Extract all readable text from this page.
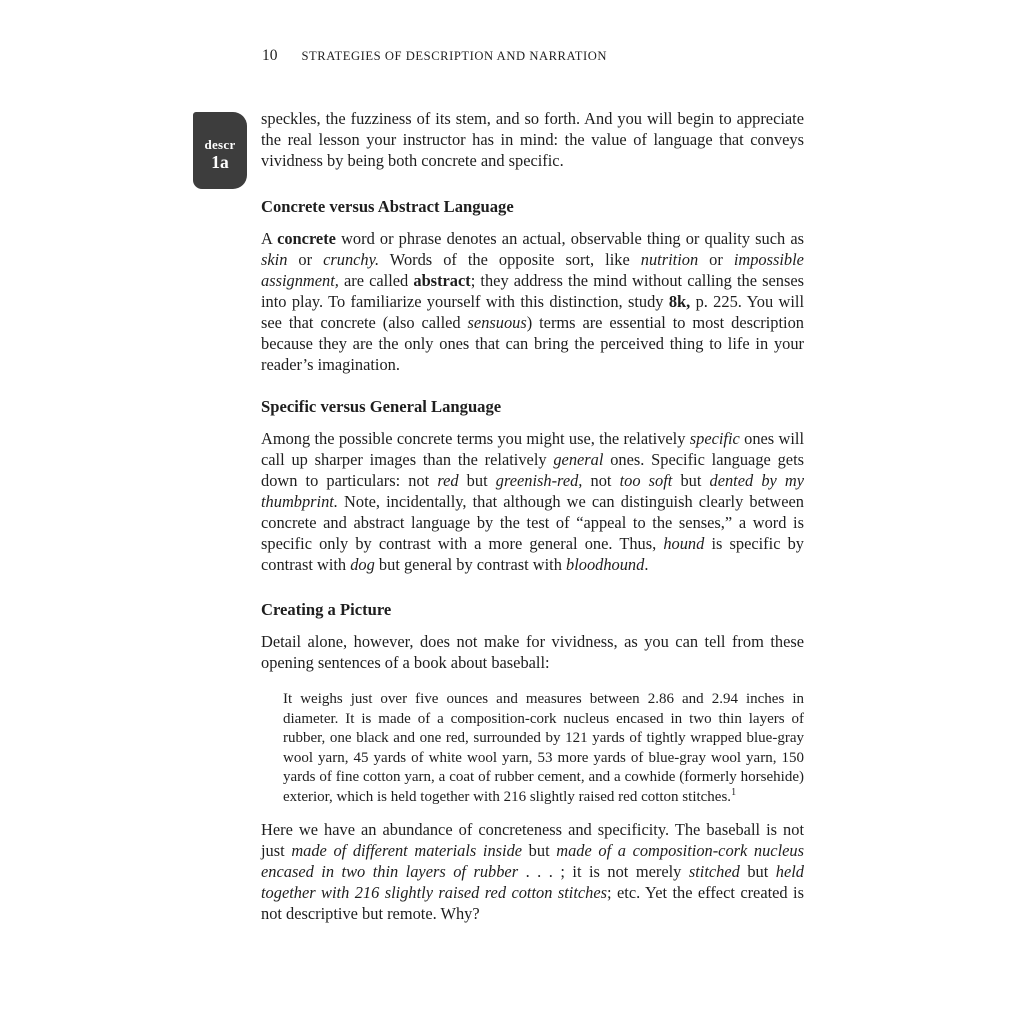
10 STRATEGIES OF DESCRIPTION AND NARRATION
descr
1a

speckles, the fuzziness of its stem, and so forth. And you will begin to appreciate the real lesson your instructor has in mind: the value of language that conveys vividness by being both concrete and specific.

Concrete versus Abstract Language

A concrete word or phrase denotes an actual, observable thing or quality such as skin or crunchy. Words of the opposite sort, like nutrition or impossible assignment, are called abstract; they address the mind without calling the senses into play. To familiarize yourself with this distinction, study 8k, p. 225. You will see that concrete (also called sensuous) terms are essential to most description because they are the only ones that can bring the perceived thing to life in your reader’s imagination.

Specific versus General Language

Among the possible concrete terms you might use, the relatively specific ones will call up sharper images than the relatively general ones. Specific language gets down to particulars: not red but greenish-red, not too soft but dented by my thumbprint. Note, incidentally, that although we can distinguish clearly between concrete and abstract language by the test of “appeal to the senses,” a word is specific only by contrast with a more general one. Thus, hound is specific by contrast with dog but general by contrast with bloodhound.

Creating a Picture

Detail alone, however, does not make for vividness, as you can tell from these opening sentences of a book about baseball:

It weighs just over five ounces and measures between 2.86 and 2.94 inches in diameter. It is made of a composition-cork nucleus encased in two thin layers of rubber, one black and one red, surrounded by 121 yards of tightly wrapped blue-gray wool yarn, 45 yards of white wool yarn, 53 more yards of blue-gray wool yarn, 150 yards of fine cotton yarn, a coat of rubber cement, and a cowhide (formerly horsehide) exterior, which is held together with 216 slightly raised red cotton stitches.$^1$

Here we have an abundance of concreteness and specificity. The baseball is not just made of different materials inside but made of a composition-cork nucleus encased in two thin layers of rubber . . . ; it is not merely stitched but held together with 216 slightly raised red cotton stitches; etc. Yet the effect created is not descriptive but remote. Why?
